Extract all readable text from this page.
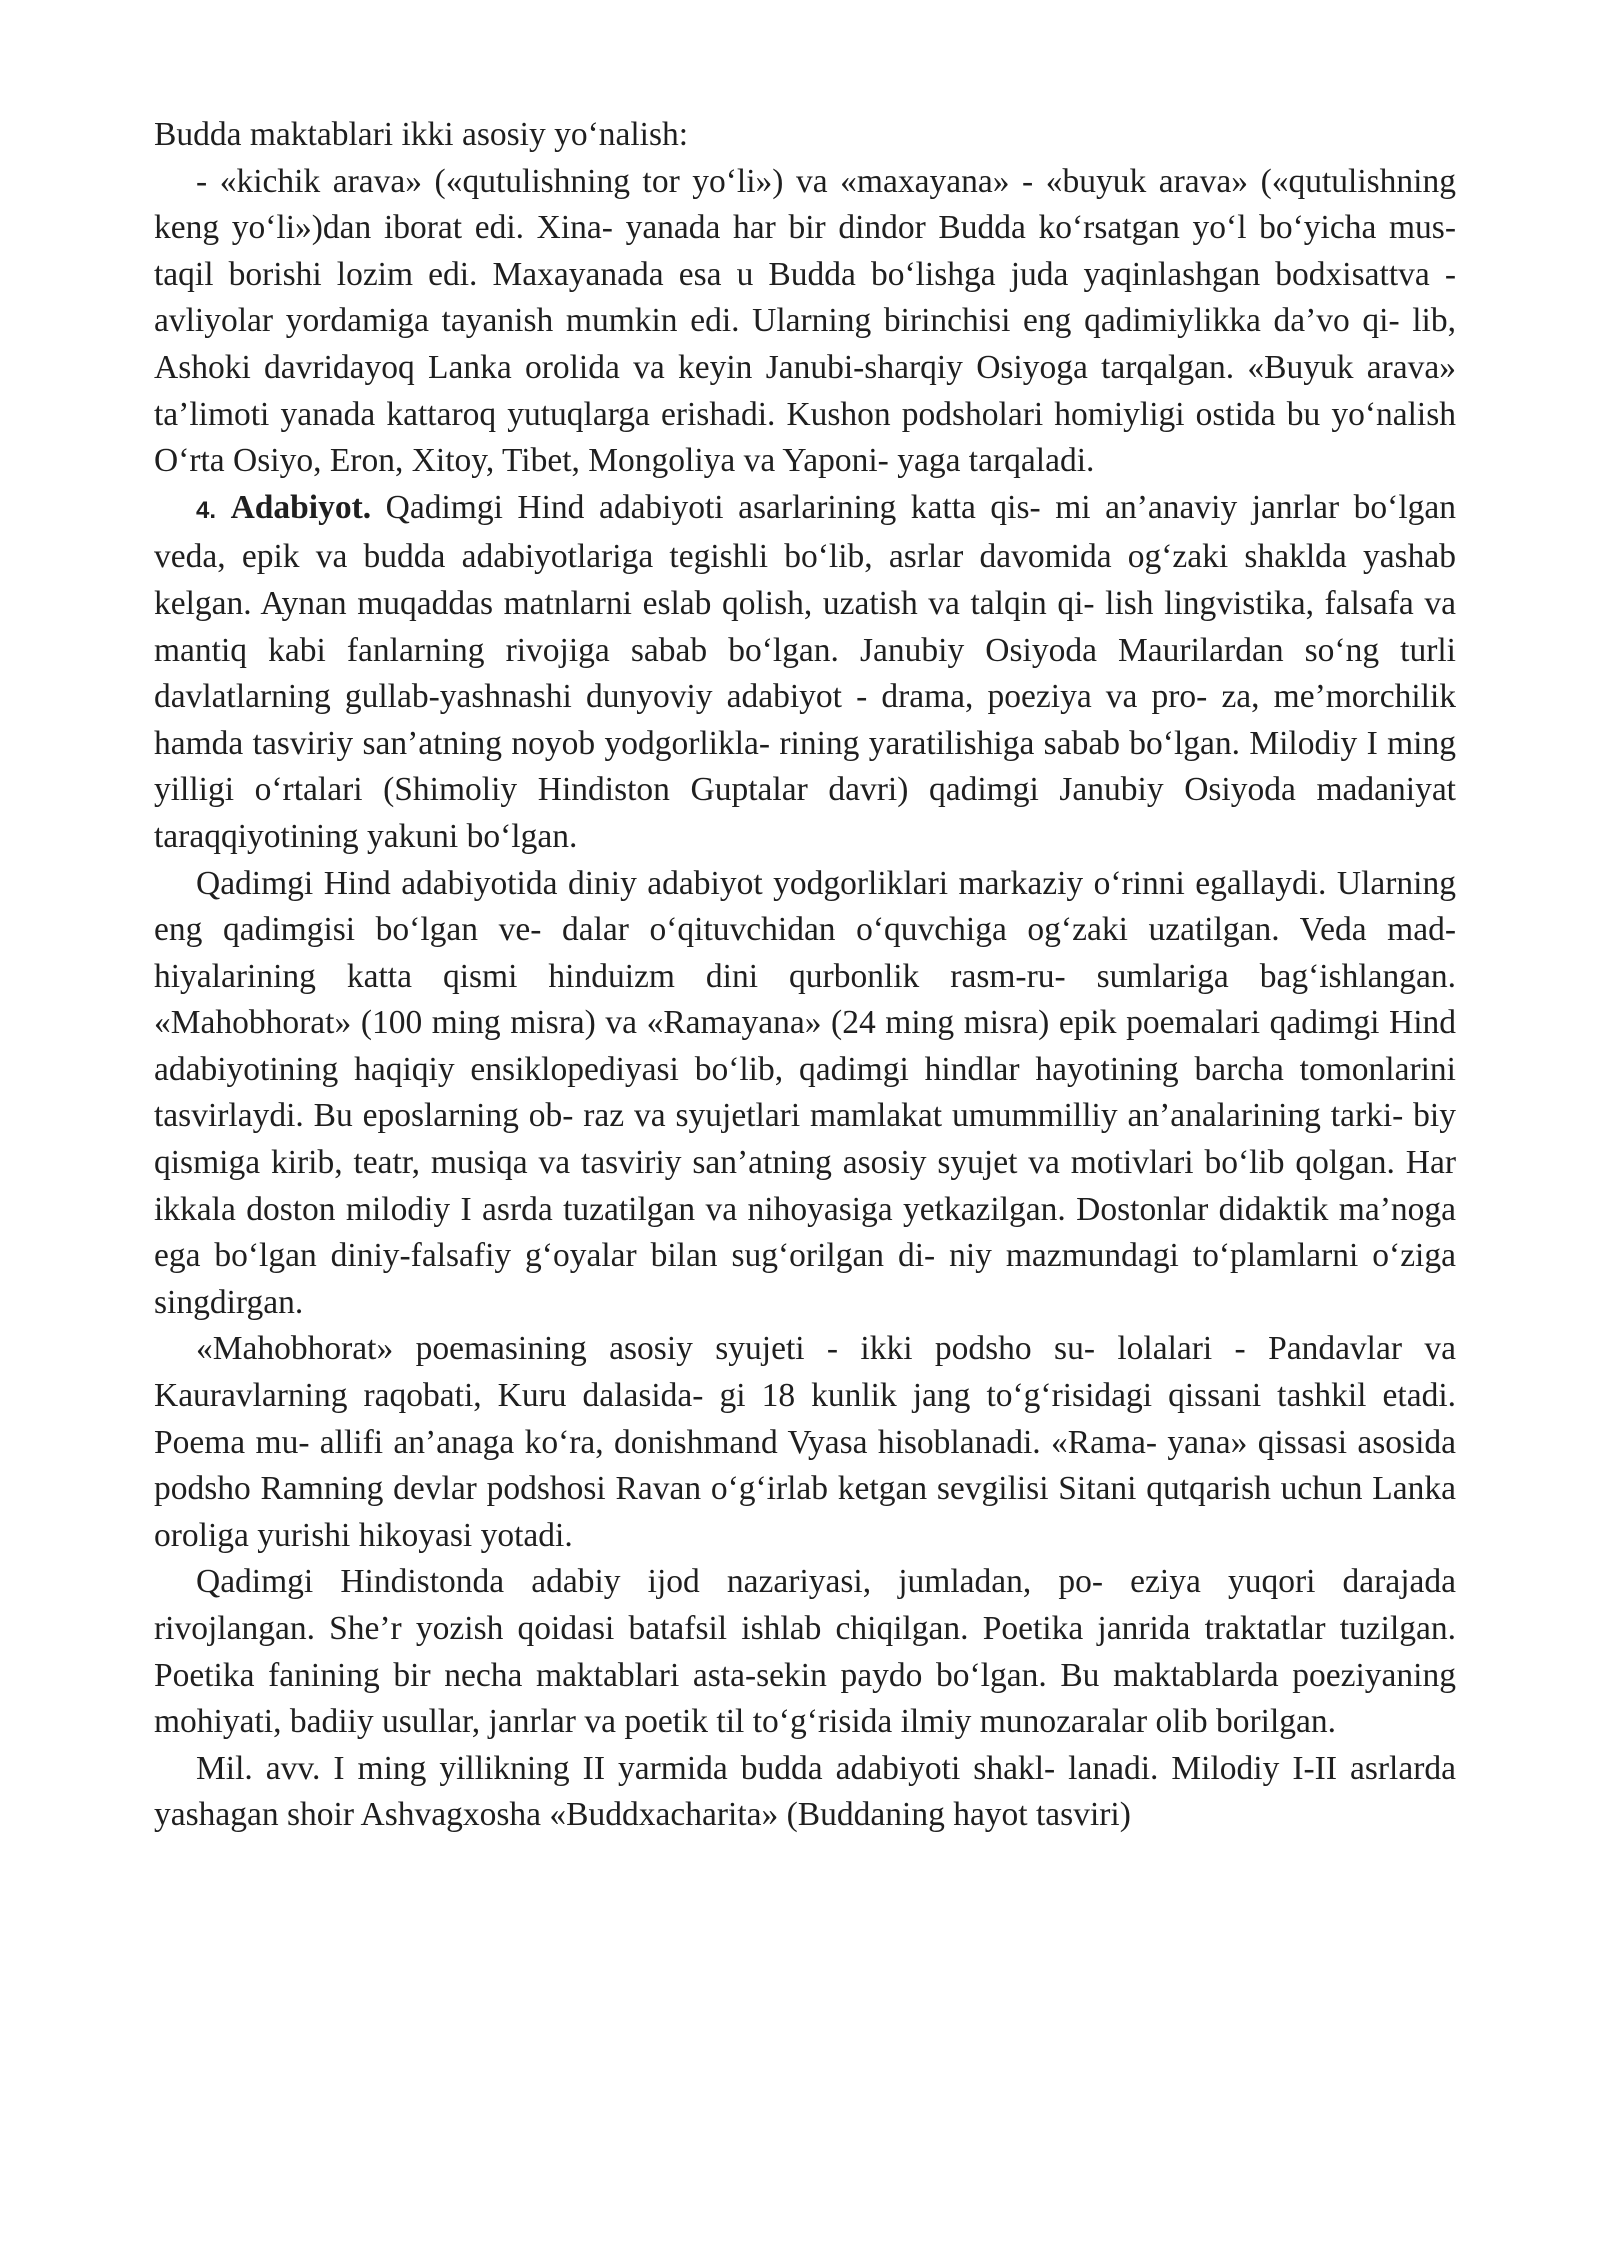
Budda maktablari ikki asosiy yo‘nalish:

- «kichik arava» («qutulishning tor yo‘li») va «maxayana» - «buyuk arava» («qutulishning keng yo‘li»)dan iborat edi. Xina- yanada har bir dindor Budda ko‘rsatgan yo‘l bo‘yicha mus- taqil borishi lozim edi. Maxayanada esa u Budda bo‘lishga juda yaqinlashgan bodxisattva - avliyolar yordamiga tayanish mumkin edi. Ularning birinchisi eng qadimiylikka da’vo qi- lib, Ashoki davridayoq Lanka orolida va keyin Janubi-sharqiy Osiyoga tarqalgan. «Buyuk arava» ta’limoti yanada kattaroq yutuqlarga erishadi. Kushon podsholari homiyligi ostida bu yo‘nalish O‘rta Osiyo, Eron, Xitoy, Tibet, Mongoliya va Yaponi- yaga tarqaladi.

4. Adabiyot. Qadimgi Hind adabiyoti asarlarining katta qis- mi an’anaviy janrlar bo‘lgan veda, epik va budda adabiyotlariga tegishli bo‘lib, asrlar davomida og‘zaki shaklda yashab kelgan. Aynan muqaddas matnlarni eslab qolish, uzatish va talqin qi- lish lingvistika, falsafa va mantiq kabi fanlarning rivojiga sabab bo‘lgan. Janubiy Osiyoda Maurilardan so‘ng turli davlatlarning gullab-yashnashi dunyoviy adabiyot - drama, poeziya va pro- za, me’morchilik hamda tasviriy san’atning noyob yodgorlikla- rining yaratilishiga sabab bo‘lgan. Milodiy I ming yilligi o‘rtalari (Shimoliy Hindiston Guptalar davri) qadimgi Janubiy Osiyoda madaniyat taraqqiyotining yakuni bo‘lgan.

Qadimgi Hind adabiyotida diniy adabiyot yodgorliklari markaziy o‘rinni egallaydi. Ularning eng qadimgisi bo‘lgan ve- dalar o‘qituvchidan o‘quvchiga og‘zaki uzatilgan. Veda mad- hiyalarining katta qismi hinduizm dini qurbonlik rasm-ru- sumlariga bag‘ishlangan. «Mahobhorat» (100 ming misra) va «Ramayana» (24 ming misra) epik poemalari qadimgi Hind adabiyotining haqiqiy ensiklopediyasi bo‘lib, qadimgi hindlar hayotining barcha tomonlarini tasvirlaydi. Bu eposlarning ob- raz va syujetlari mamlakat umummilliy an’analarining tarki- biy qismiga kirib, teatr, musiqa va tasviriy san’atning asosiy syujet va motivlari bo‘lib qolgan. Har ikkala doston milodiy I asrda tuzatilgan va nihoyasiga yetkazilgan. Dostonlar didaktik ma’noga ega bo‘lgan diniy-falsafiy g‘oyalar bilan sug‘orilgan di- niy mazmundagi to‘plamlarni o‘ziga singdirgan.

«Mahobhorat» poemasining asosiy syujeti - ikki podsho su- lolalari - Pandavlar va Kauravlarning raqobati, Kuru dalasida- gi 18 kunlik jang to‘g‘risidagi qissani tashkil etadi. Poema mu- allifi an’anaga ko‘ra, donishmand Vyasa hisoblanadi. «Rama- yana» qissasi asosida podsho Ramning devlar podshosi Ravan o‘g‘irlab ketgan sevgilisi Sitani qutqarish uchun Lanka oroliga yurishi hikoyasi yotadi.

Qadimgi Hindistonda adabiy ijod nazariyasi, jumladan, po- eziya yuqori darajada rivojlangan. She’r yozish qoidasi batafsil ishlab chiqilgan. Poetika janrida traktatlar tuzilgan. Poetika fanining bir necha maktablari asta-sekin paydo bo‘lgan. Bu maktablarda poeziyaning mohiyati, badiiy usullar, janrlar va poetik til to‘g‘risida ilmiy munozaralar olib borilgan.

Mil. avv. I ming yillikning II yarmida budda adabiyoti shakl- lanadi. Milodiy I-II asrlarda yashagan shoir Ashvagxosha «Buddxacharita» (Buddaning hayot tasviri)
